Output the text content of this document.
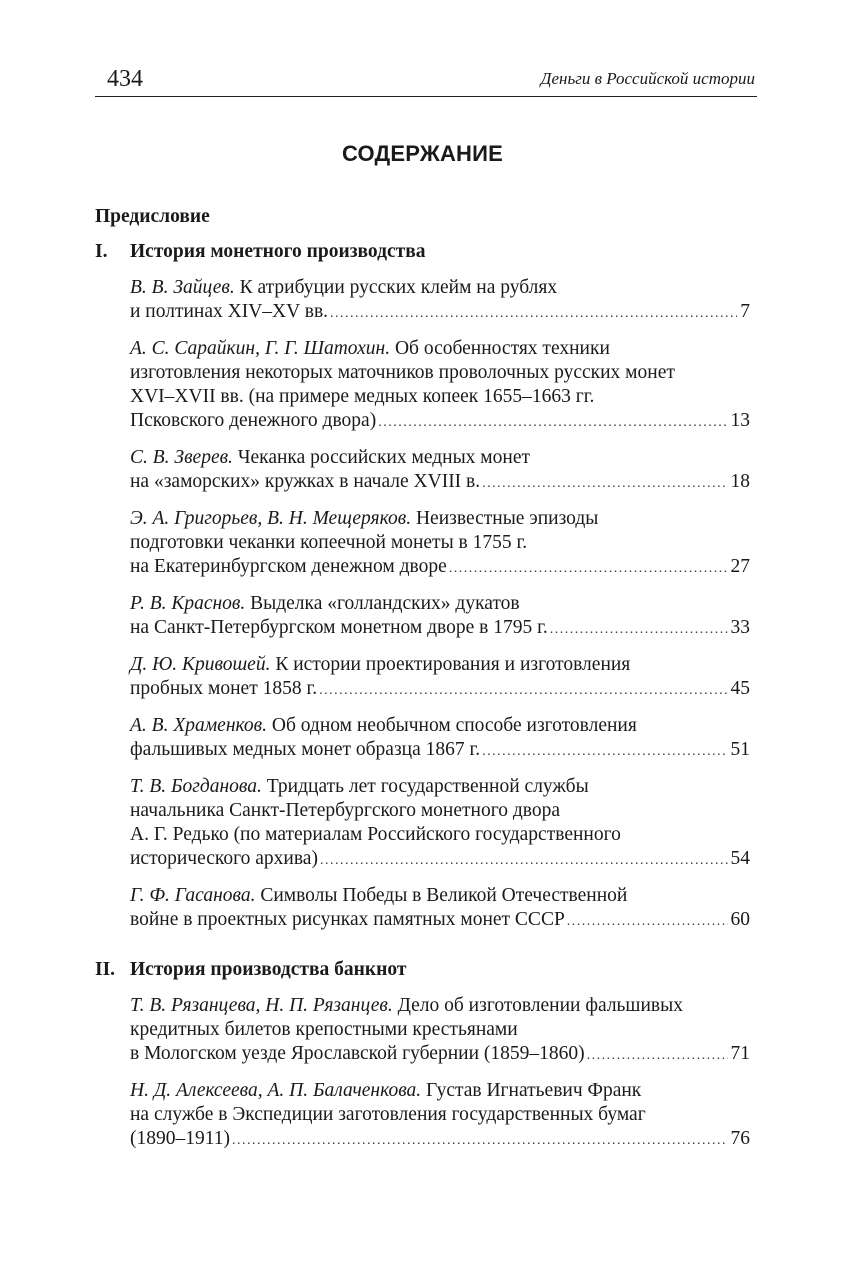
434	Деньги в Российской истории
СОДЕРЖАНИЕ
Предисловие
I.	История монетного производства
В. В. Зайцев. К атрибуции русских клейм на рублях
и полтинах XIV–XV вв. .....	7
А. С. Сарайкин, Г. Г. Шатохин. Об особенностях техники
изготовления некоторых маточников проволочных русских монет
XVI–XVII вв. (на примере медных копеек 1655–1663 гг.
Псковского денежного двора) .....	13
С. В. Зверев. Чеканка российских медных монет
на «заморских» кружках в начале XVIII в. .....	18
Э. А. Григорьев, В. Н. Мещеряков. Неизвестные эпизоды
подготовки чеканки копеечной монеты в 1755 г.
на Екатеринбургском денежном дворе .....	27
Р. В. Краснов. Выделка «голландских» дукатов
на Санкт-Петербургском монетном дворе в 1795 г. .....	33
Д. Ю. Кривошей. К истории проектирования и изготовления
пробных монет 1858 г. .....	45
А. В. Храменков. Об одном необычном способе изготовления
фальшивых медных монет образца 1867 г. .....	51
Т. В. Богданова. Тридцать лет государственной службы
начальника Санкт-Петербургского монетного двора
А. Г. Редько (по материалам Российского государственного
исторического архива) .....	54
Г. Ф. Гасанова. Символы Победы в Великой Отечественной
войне в проектных рисунках памятных монет СССР .....	60
II. История производства банкнот
Т. В. Рязанцева, Н. П. Рязанцев. Дело об изготовлении фальшивых
кредитных билетов крепостными крестьянами
в Мологском уезде Ярославской губернии (1859–1860) .....	71
Н. Д. Алексеева, А. П. Балаченкова. Густав Игнатьевич Франк
на службе в Экспедиции заготовления государственных бумаг
(1890–1911) .....	76
